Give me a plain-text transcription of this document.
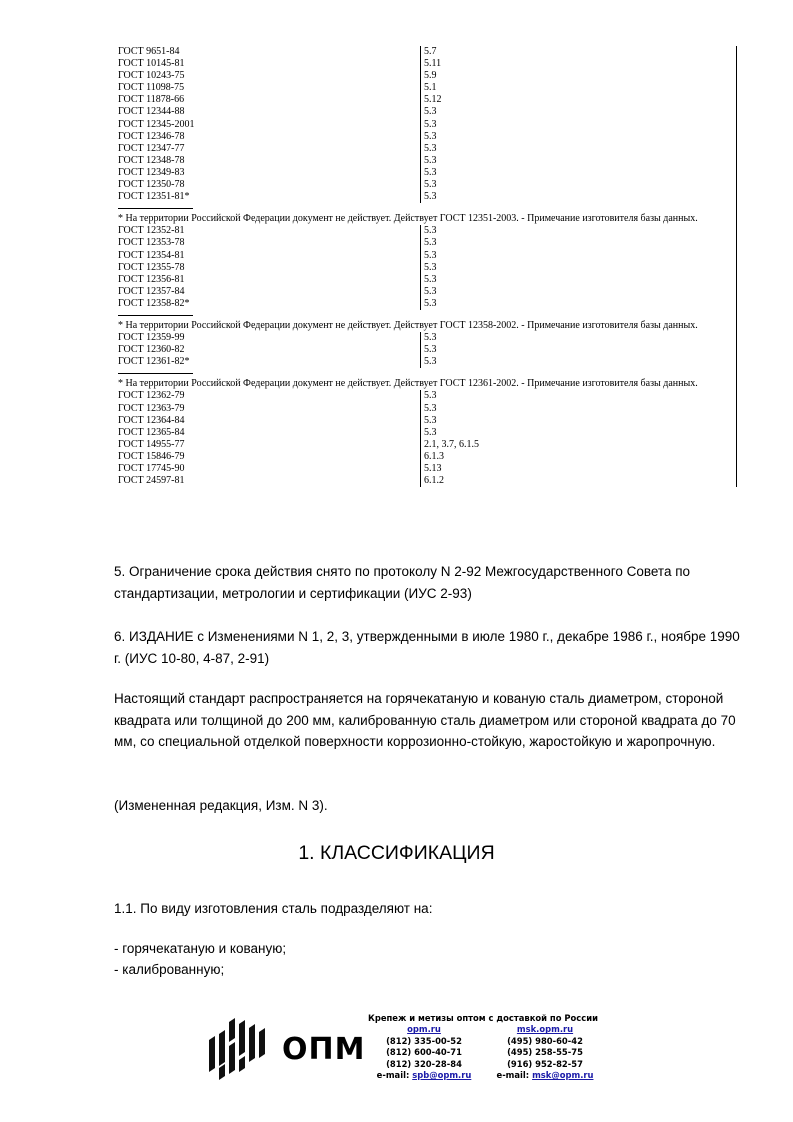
ГОСТ 9651-84	5.7
ГОСТ 10145-81	5.11
ГОСТ 10243-75	5.9
ГОСТ 11098-75	5.1
ГОСТ 11878-66	5.12
ГОСТ 12344-88	5.3
ГОСТ 12345-2001	5.3
ГОСТ 12346-78	5.3
ГОСТ 12347-77	5.3
ГОСТ 12348-78	5.3
ГОСТ 12349-83	5.3
ГОСТ 12350-78	5.3
ГОСТ 12351-81*	5.3
* На территории Российской Федерации документ не действует. Действует ГОСТ 12351-2003. - Примечание изготовителя базы данных.
ГОСТ 12352-81	5.3
ГОСТ 12353-78	5.3
ГОСТ 12354-81	5.3
ГОСТ 12355-78	5.3
ГОСТ 12356-81	5.3
ГОСТ 12357-84	5.3
ГОСТ 12358-82*	5.3
* На территории Российской Федерации документ не действует. Действует ГОСТ 12358-2002. - Примечание изготовителя базы данных.
ГОСТ 12359-99	5.3
ГОСТ 12360-82	5.3
ГОСТ 12361-82*	5.3
* На территории Российской Федерации документ не действует. Действует ГОСТ 12361-2002. - Примечание изготовителя базы данных.
ГОСТ 12362-79	5.3
ГОСТ 12363-79	5.3
ГОСТ 12364-84	5.3
ГОСТ 12365-84	5.3
ГОСТ 14955-77	2.1, 3.7, 6.1.5
ГОСТ 15846-79	6.1.3
ГОСТ 17745-90	5.13
ГОСТ 24597-81	6.1.2
5. Ограничение срока действия снято по протоколу N 2-92 Межгосударственного Совета по стандартизации, метрологии и сертификации (ИУС 2-93)
6. ИЗДАНИЕ с Изменениями N 1, 2, 3, утвержденными в июле 1980 г., декабре 1986 г., ноябре 1990 г. (ИУС 10-80, 4-87, 2-91)
Настоящий стандарт распространяется на горячекатаную и кованую сталь диаметром, стороной квадрата или толщиной до 200 мм, калиброванную сталь диаметром или стороной квадрата до 70 мм, со специальной отделкой поверхности коррозионно-стойкую, жаростойкую и жаропрочную.
(Измененная редакция, Изм. N 3).
1. КЛАССИФИКАЦИЯ
1.1. По виду изготовления сталь подразделяют на:
- горячекатаную и кованую;
- калиброванную;
ОПМ
Крепеж и метизы оптом с доставкой по России
opm.ru
(812) 335-00-52
(812) 600-40-71
(812) 320-28-84
e-mail: spb@opm.ru
msk.opm.ru
(495) 980-60-42
(495) 258-55-75
(916) 952-82-57
e-mail: msk@opm.ru
